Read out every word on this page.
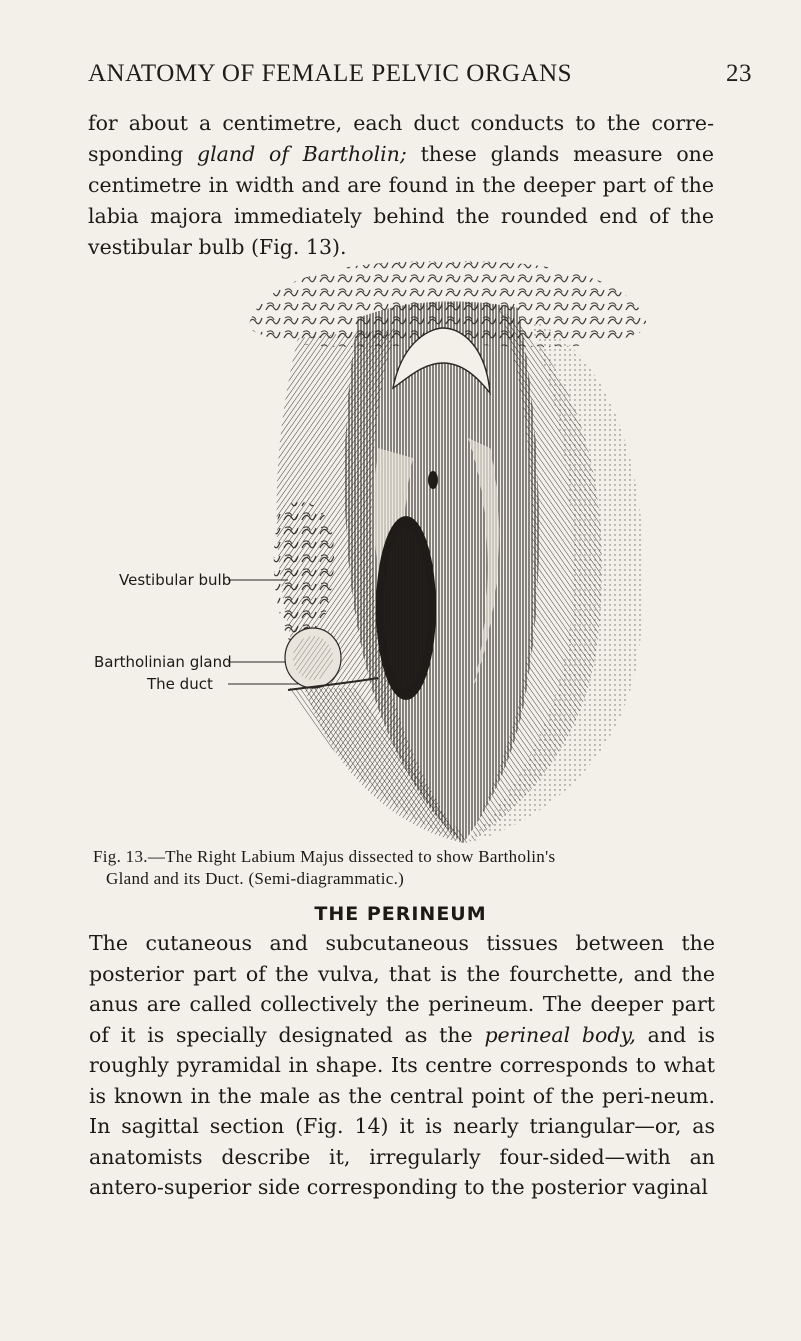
ANATOMY OF FEMALE PELVIC ORGANS	23

for about a centimetre, each duct conducts to the corre-sponding gland of Bartholin; these glands measure one centimetre in width and are found in the deeper part of the labia majora immediately behind the rounded end of the vestibular bulb (Fig. 13).

Vestibular bulb
Bartholinian gland
The duct
Fig. 13.—The Right Labium Majus dissected to show Bartholin's
Gland and its Duct. (Semi-diagrammatic.)
THE PERINEUM

The cutaneous and subcutaneous tissues between the posterior part of the vulva, that is the fourchette, and the anus are called collectively the perineum. The deeper part of it is specially designated as the perineal body, and is roughly pyramidal in shape. Its centre corresponds to what is known in the male as the central point of the peri-neum. In sagittal section (Fig. 14) it is nearly triangular—or, as anatomists describe it, irregularly four-sided—with an antero-superior side corresponding to the posterior vaginal
